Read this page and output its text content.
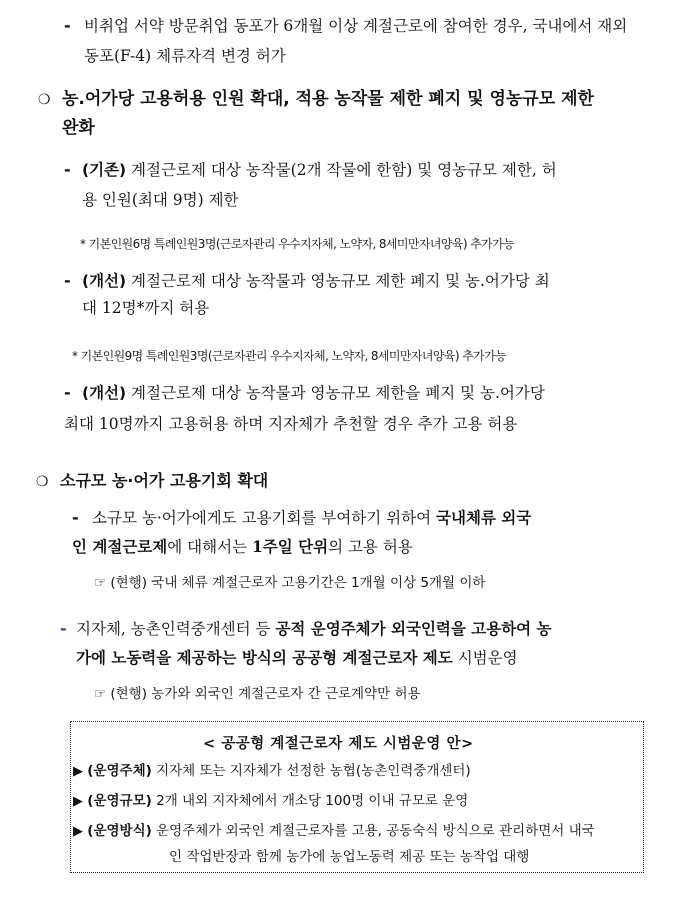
- 비취업 서약 방문취업 동포가 6개월 이상 계절근로에 참여한 경우, 국내에서 재외
동포(F-4) 체류자격 변경 허가
❍ 농.어가당 고용허용 인원 확대, 적용 농작물 제한 폐지 및 영농규모 제한
완화
- (기존) 계절근로제 대상 농작물(2개 작물에 한함) 및 영농규모 제한, 허
용 인원(최대 9명) 제한
* 기본인원6명 특례인원3명(근로자관리 우수지자체, 노약자, 8세미만자녀양육) 추가가능
- (개선) 계절근로제 대상 농작물과 영농규모 제한 폐지 및 농.어가당 최
대 12명*까지 허용
* 기본인원9명 특례인원3명(근로자관리 우수지자체, 노약자, 8세미만자녀양육) 추가가능
- (개선) 계절근로제 대상 농작물과 영농규모 제한을 폐지 및 농.어가당
최대 10명까지 고용허용 하며 지자체가 추천할 경우 추가 고용 허용
❍ 소규모 농·어가 고용기회 확대
- 소규모 농·어가에게도 고용기회를 부여하기 위하여 국내체류 외국
인 계절근로제에 대해서는 1주일 단위의 고용 허용
☞ (현행) 국내 체류 계절근로자 고용기간은 1개월 이상 5개월 이하
- 지자체, 농촌인력중개센터 등 공적 운영주체가 외국인력을 고용하여 농
가에 노동력을 제공하는 방식의 공공형 계절근로자 제도 시범운영
☞ (현행) 농가와 외국인 계절근로자 간 근로계약만 허용
< 공공형 계절근로자 제도 시범운영 안>
▶ (운영주체) 지자체 또는 지자체가 선정한 농협(농촌인력중개센터)
▶ (운영규모) 2개 내외 지자체에서 개소당 100명 이내 규모로 운영
▶ (운영방식) 운영주체가 외국인 계절근로자를 고용, 공동숙식 방식으로 관리하면서 내국
인 작업반장과 함께 농가에 농업노동력 제공 또는 농작업 대행
